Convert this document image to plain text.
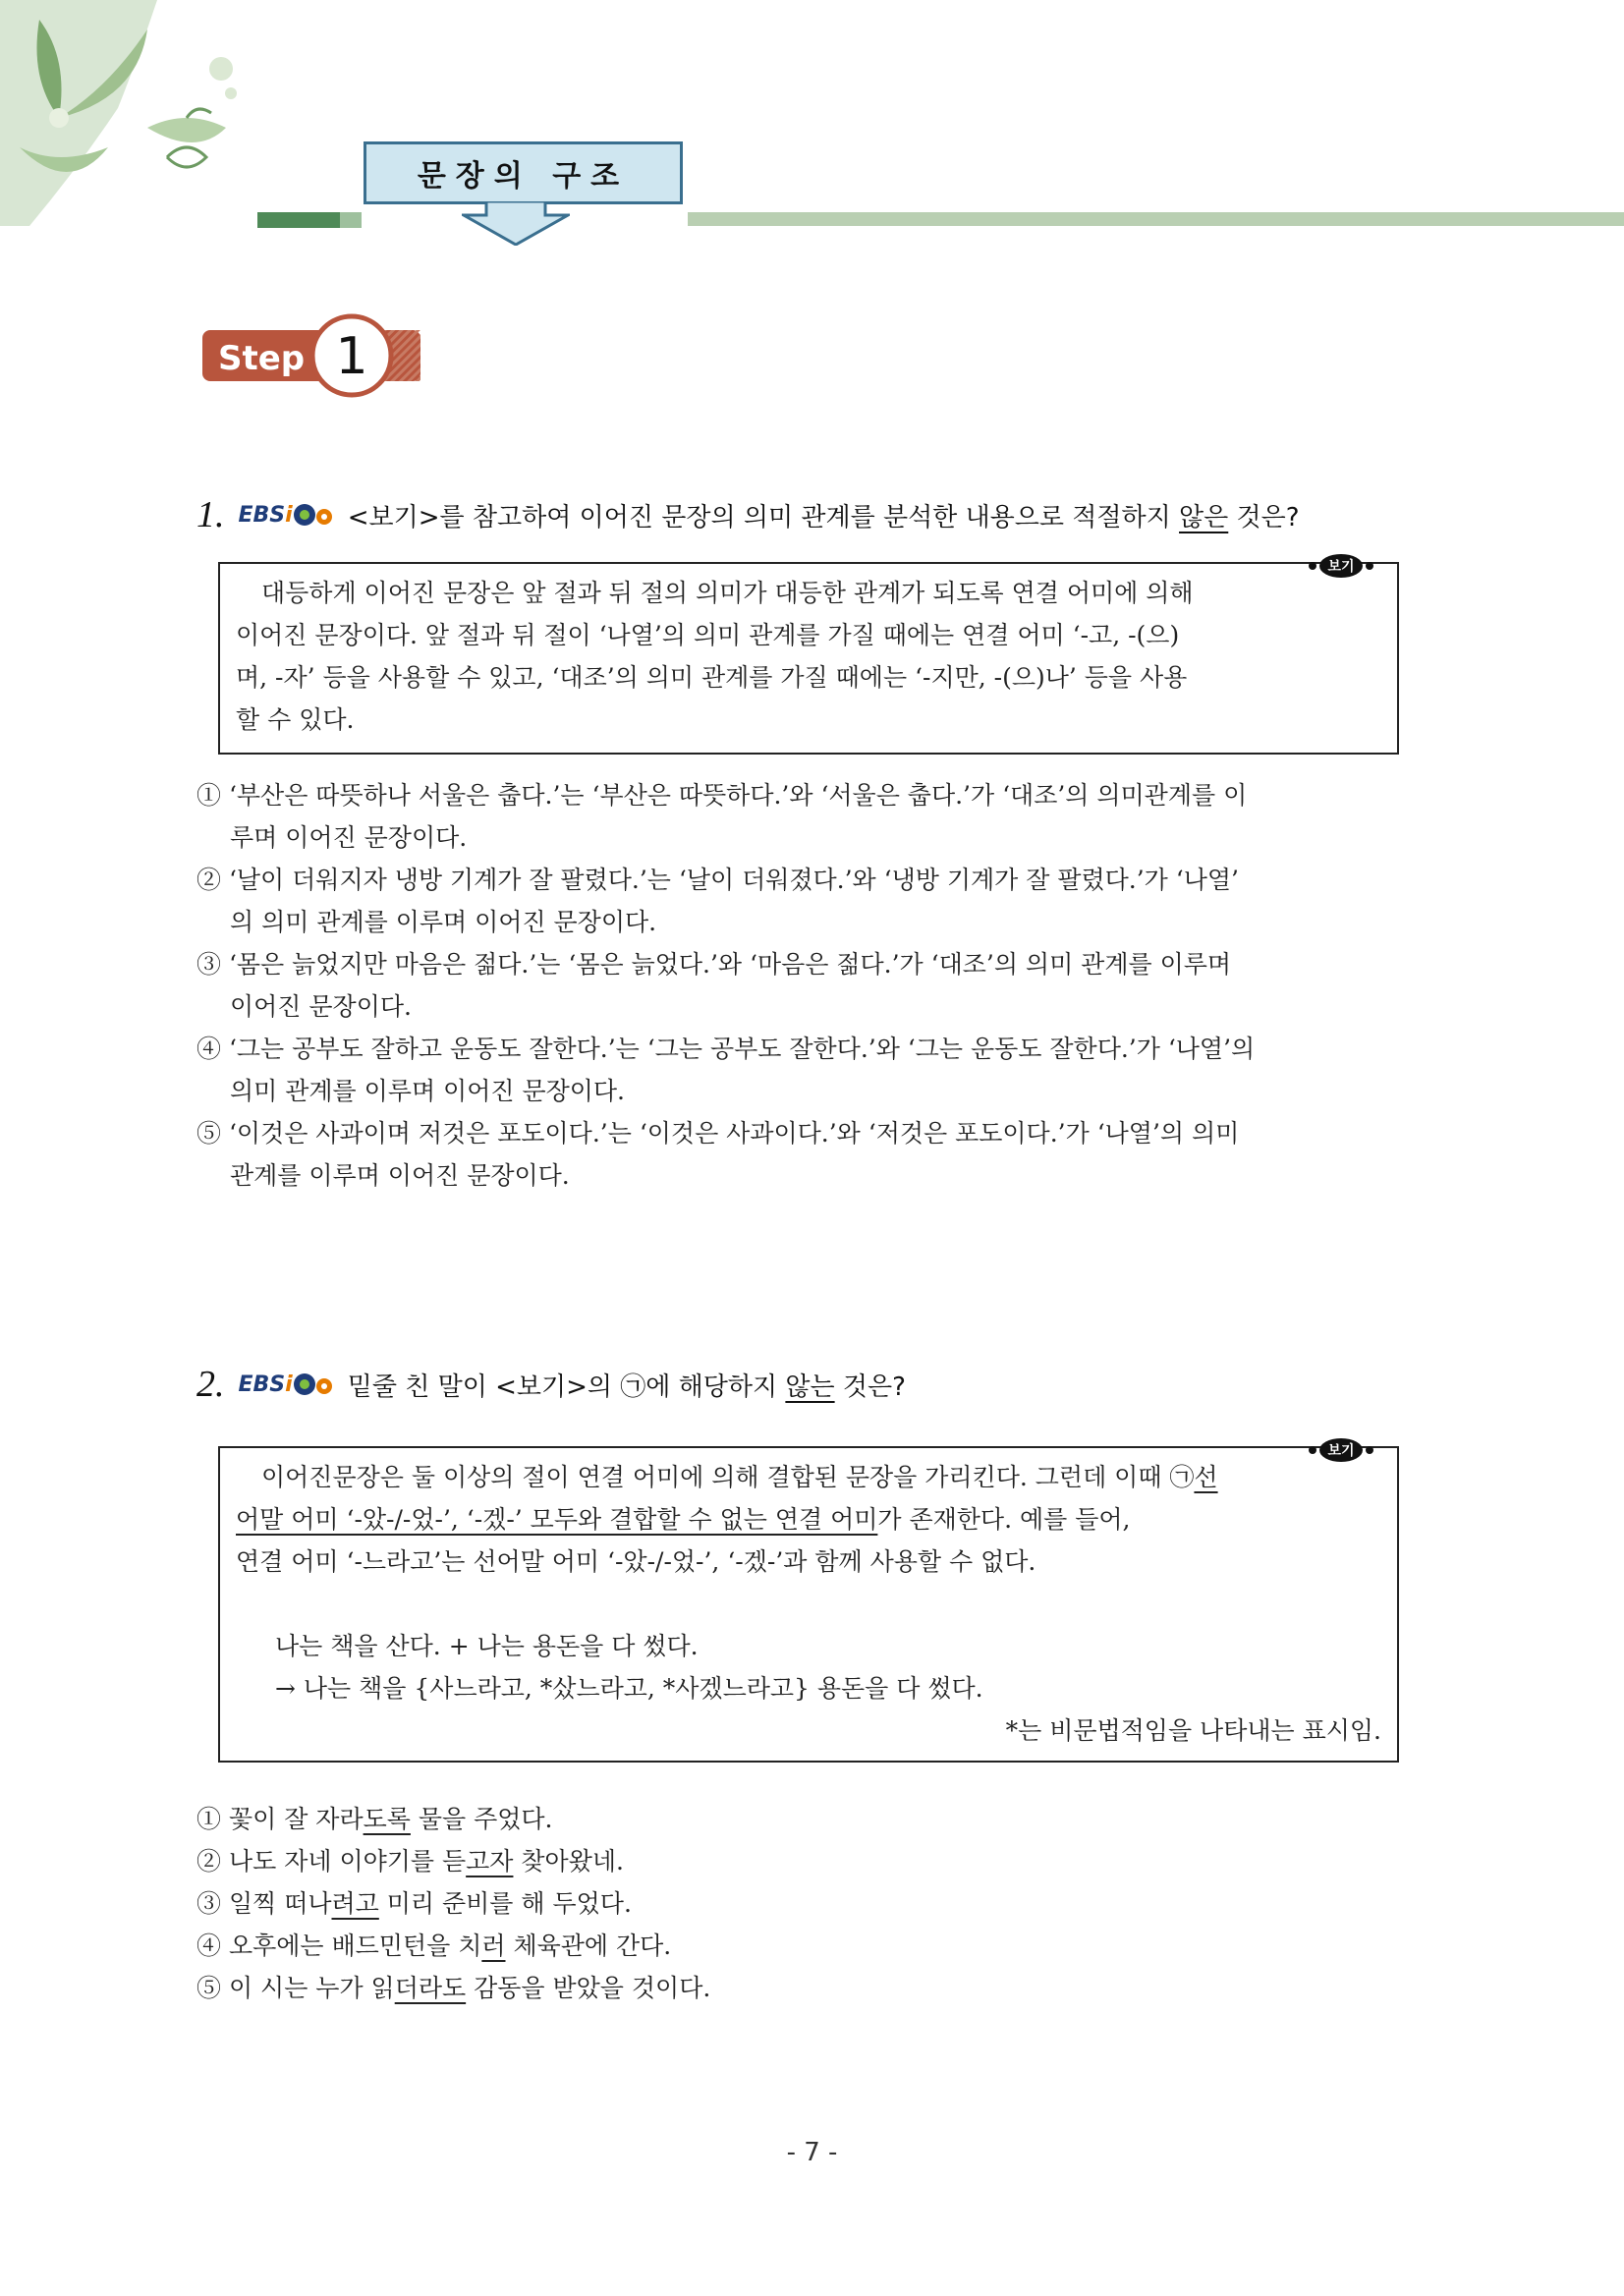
문장의 구조
Step 1
1. EBSi <보기>를 참고하여 이어진 문장의 의미 관계를 분석한 내용으로 적절하지 않은 것은?
대등하게 이어진 문장은 앞 절과 뒤 절의 의미가 대등한 관계가 되도록 연결 어미에 의해
이어진 문장이다. 앞 절과 뒤 절이 ‘나열’의 의미 관계를 가질 때에는 연결 어미 ‘-고, -(으)
며, -자’ 등을 사용할 수 있고, ‘대조’의 의미 관계를 가질 때에는 ‘-지만, -(으)나’ 등을 사용
할 수 있다.
보기
① ‘부산은 따뜻하나 서울은 춥다.’는 ‘부산은 따뜻하다.’와 ‘서울은 춥다.’가 ‘대조’의 의미관계를 이
루며 이어진 문장이다.
② ‘날이 더워지자 냉방 기계가 잘 팔렸다.’는 ‘날이 더워졌다.’와 ‘냉방 기계가 잘 팔렸다.’가 ‘나열’
의 의미 관계를 이루며 이어진 문장이다.
③ ‘몸은 늙었지만 마음은 젊다.’는 ‘몸은 늙었다.’와 ‘마음은 젊다.’가 ‘대조’의 의미 관계를 이루며
이어진 문장이다.
④ ‘그는 공부도 잘하고 운동도 잘한다.’는 ‘그는 공부도 잘한다.’와 ‘그는 운동도 잘한다.’가 ‘나열’의
의미 관계를 이루며 이어진 문장이다.
⑤ ‘이것은 사과이며 저것은 포도이다.’는 ‘이것은 사과이다.’와 ‘저것은 포도이다.’가 ‘나열’의 의미
관계를 이루며 이어진 문장이다.
2. EBSi 밑줄 친 말이 <보기>의 ㉠에 해당하지 않는 것은?
이어진문장은 둘 이상의 절이 연결 어미에 의해 결합된 문장을 가리킨다. 그런데 이때 ㉠선
어말 어미 ‘-았-/-었-’, ‘-겠-’ 모두와 결합할 수 없는 연결 어미가 존재한다. 예를 들어,
연결 어미 ‘-느라고’는 선어말 어미 ‘-았-/-었-’, ‘-겠-’과 함께 사용할 수 없다.
나는 책을 산다. + 나는 용돈을 다 썼다.
→ 나는 책을 {사느라고, *샀느라고, *사겠느라고} 용돈을 다 썼다.
*는 비문법적임을 나타내는 표시임.
보기
① 꽃이 잘 자라도록 물을 주었다.
② 나도 자네 이야기를 듣고자 찾아왔네.
③ 일찍 떠나려고 미리 준비를 해 두었다.
④ 오후에는 배드민턴을 치러 체육관에 간다.
⑤ 이 시는 누가 읽더라도 감동을 받았을 것이다.
- 7 -
